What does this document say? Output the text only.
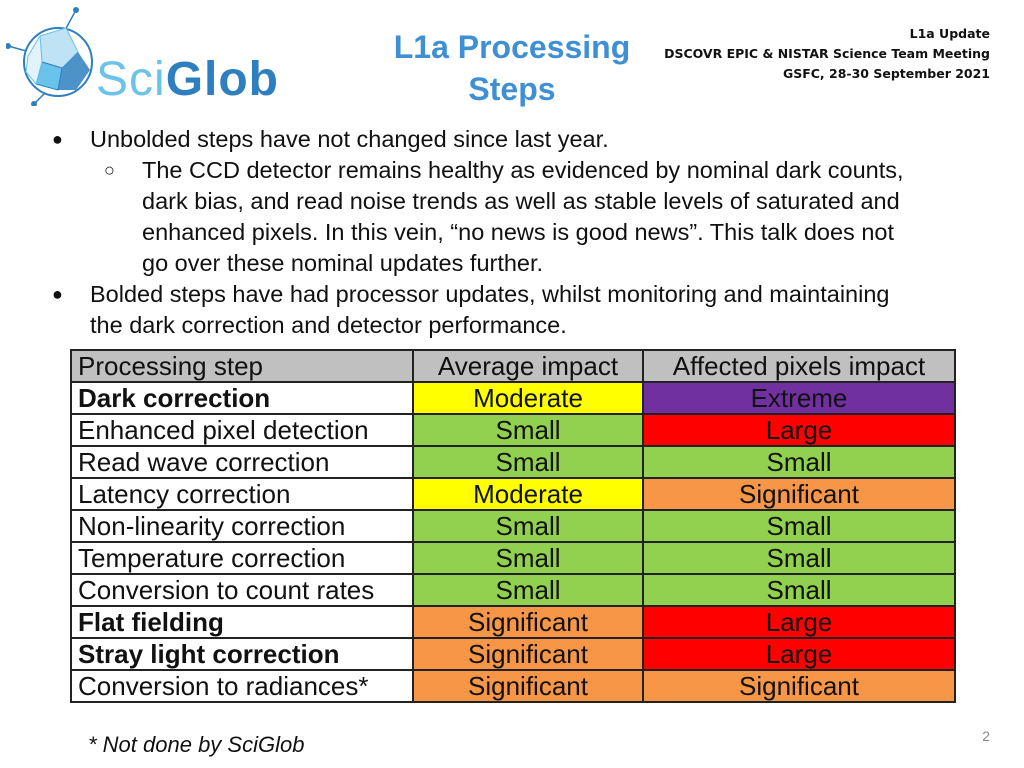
SciGlob
L1a Processing
Steps
L1a Update
DSCOVR EPIC & NISTAR Science Team Meeting
GSFC, 28-30 September 2021
● Unbolded steps have not changed since last year.
○ The CCD detector remains healthy as evidenced by nominal dark counts,
dark bias, and read noise trends as well as stable levels of saturated and
enhanced pixels. In this vein, “no news is good news”. This talk does not
go over these nominal updates further.
● Bolded steps have had processor updates, whilst monitoring and maintaining
the dark correction and detector performance.
Processing step	Average impact	Affected pixels impact
Dark correction	Moderate	Extreme
Enhanced pixel detection	Small	Large
Read wave correction	Small	Small
Latency correction	Moderate	Significant
Non-linearity correction	Small	Small
Temperature correction	Small	Small
Conversion to count rates	Small	Small
Flat fielding	Significant	Large
Stray light correction	Significant	Large
Conversion to radiances*	Significant	Significant
* Not done by SciGlob	2
